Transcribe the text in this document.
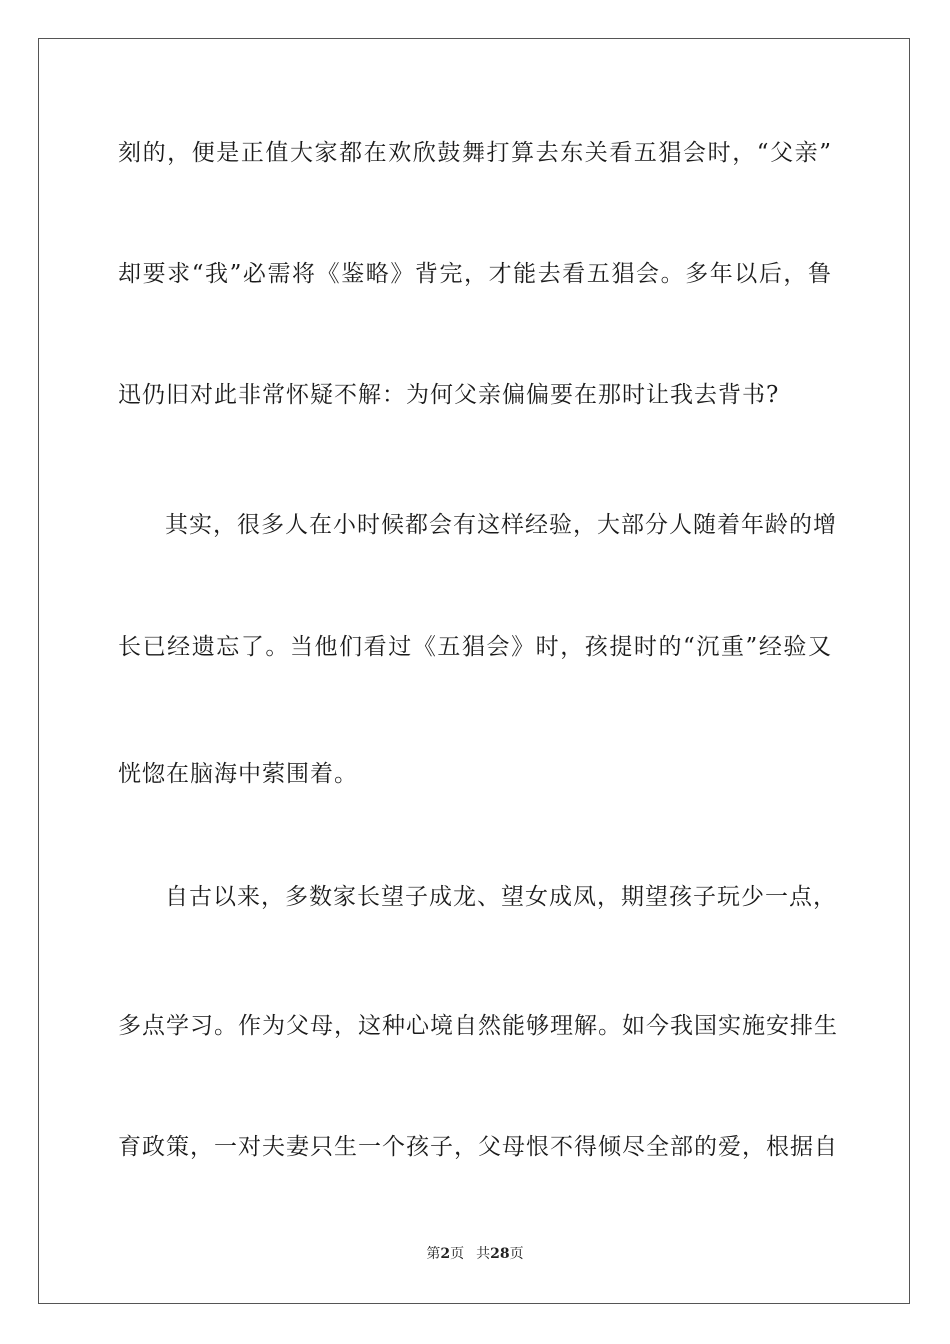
刻的，便是正值大家都在欢欣鼓舞打算去东关看五猖会时，“父亲”
却要求“我”必需将《鉴略》背完，才能去看五猖会。多年以后，鲁
迅仍旧对此非常怀疑不解：为何父亲偏偏要在那时让我去背书?
其实，很多人在小时候都会有这样经验，大部分人随着年龄的增
长已经遗忘了。当他们看过《五猖会》时，孩提时的“沉重”经验又
恍惚在脑海中萦围着。
自古以来，多数家长望子成龙、望女成凤，期望孩子玩少一点，
多点学习。作为父母，这种心境自然能够理解。如今我国实施安排生
育政策，一对夫妻只生一个孩子，父母恨不得倾尽全部的爱，根据自
第2页 共28页
